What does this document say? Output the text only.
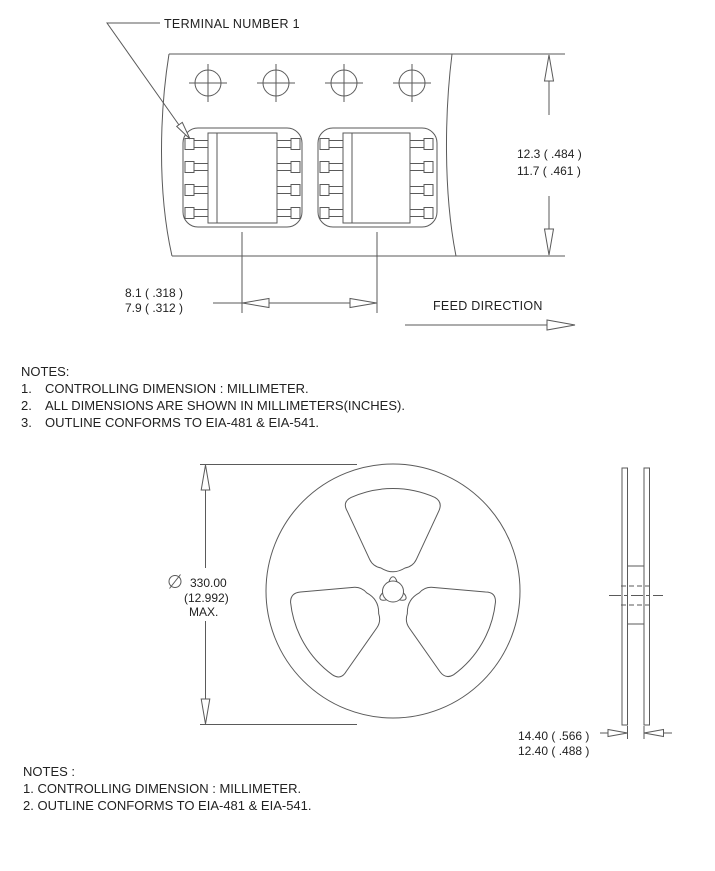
TERMINAL NUMBER 1
12.3 ( .484 )
11.7 ( .461 )
8.1 ( .318 )
7.9 ( .312 )	FEED DIRECTION
NOTES:
1. CONTROLLING DIMENSION : MILLIMETER.
2. ALL DIMENSIONS ARE SHOWN IN MILLIMETERS(INCHES).
3. OUTLINE CONFORMS TO EIA-481 & EIA-541.
330.00
(12.992)
MAX.
14.40 ( .566 )
12.40 ( .488 )
NOTES :
1. CONTROLLING DIMENSION : MILLIMETER.
2. OUTLINE CONFORMS TO EIA-481 & EIA-541.
